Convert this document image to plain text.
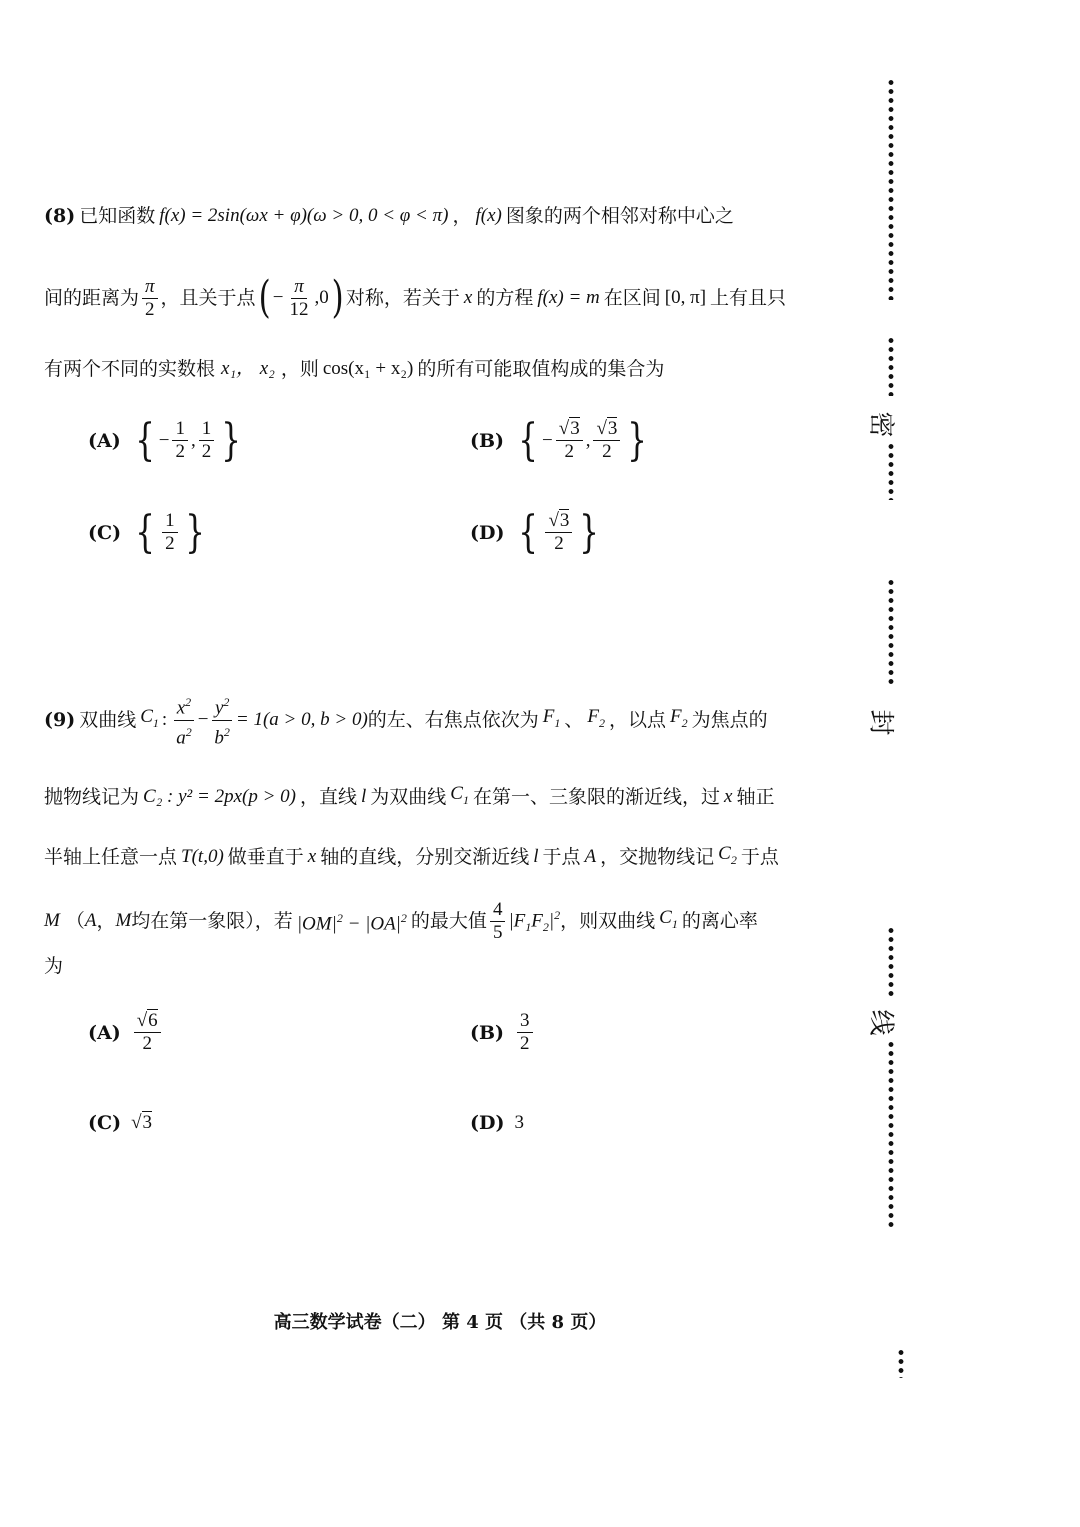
(8) 已知函数 f(x) = 2sin(ωx + φ)(ω > 0, 0 < φ < π) ， f(x) 图象的两个相邻对称中心之
间的距离为 $\frac{\pi}{2}$ ，且关于点 ( − $\frac{\pi}{12} ,0$ ) 对称，若关于 x 的方程 f(x) = m 在区间 [0, π] 上有且只
有两个不同的实数根 x₁， x₂ ，则 cos(x₁ + x₂) 的所有可能取值构成的集合为
(A) { − $\frac{1}{2}$ , $\frac{1}{2}$ }	(B) { − $\frac{√3}{2}$ , $\frac{√3}{2}$ }
(C) { $\frac{1}{2}$ }	(D) { $\frac{√3}{2}$ }
(9) 双曲线 $C_1$ : $\frac{x^2}{a^2} - \frac{y^2}{b^2} = 1(a > 0$, b > 0) 的左、右焦点依次为 $F_1$ 、 $F_2$ ，以点 $F_2$ 为焦点的
抛物线记为 C₂ : y² = 2px(p > 0) ，直线 l 为双曲线 $C_1$ 在第一、三象限的渐近线，过 x 轴正
半轴上任意一点 T(t,0) 做垂直于 x 轴的直线，分别交渐近线 l 于点 A ，交抛物线记 $C_2$ 于点
M （ A ， M 均在第一象限），若 $|OM|^2 - |OA|^2$ 的最大值 $\frac{4}{5} |F_1F_2|^2$ ，则双曲线 $C_1$ 的离心率
为
$(A) \frac{√6}{2}$	$(B) \frac{3}{2}$
(C) √3	(D) 3
高三数学试卷（二） 第 4 页 （共 8 页）
密
封
线
